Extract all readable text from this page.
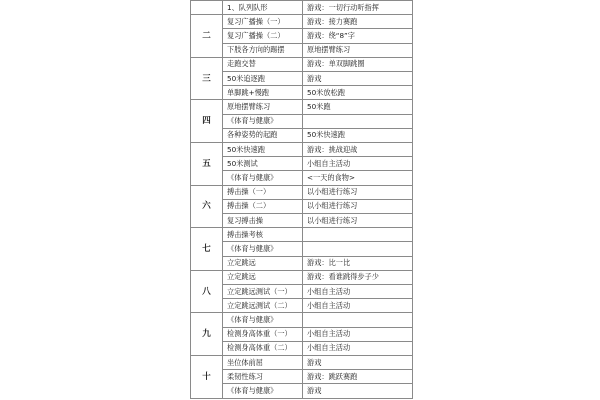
	1、队列队形	游戏：一切行动听指挥
二	复习广播操（一）	游戏：接力赛跑
	复习广播操（二）	游戏：绕“8”字
	下肢各方向的踢摆	原地摆臂练习
三	走跑交替	游戏：单双脚跳圈
	50米追逐跑	游戏
	单脚跳+慢跑	50米放松跑
四	原地摆臂练习	50米跑
	《体育与健康》	
	各种姿势的起跑	50米快速跑
五	50米快速跑	游戏：挑战迎战
	50米测试	小组自主活动
	《体育与健康》	<一天的食物>
六	搏击操（一）	以小组进行练习
	搏击操（二）	以小组进行练习
	复习搏击操	以小组进行练习
七	搏击操考核	
	《体育与健康》	
	立定跳远	游戏：比一比
八	立定跳远	游戏：看谁跳得步子少
	立定跳远测试（一）	小组自主活动
	立定跳远测试（二）	小组自主活动
九	《体育与健康》	
	检测身高体重（一）	小组自主活动
	检测身高体重（二）	小组自主活动
十	坐位体前屈	游戏
	柔韧性练习	游戏：跳跃赛跑
	《体育与健康》	游戏
